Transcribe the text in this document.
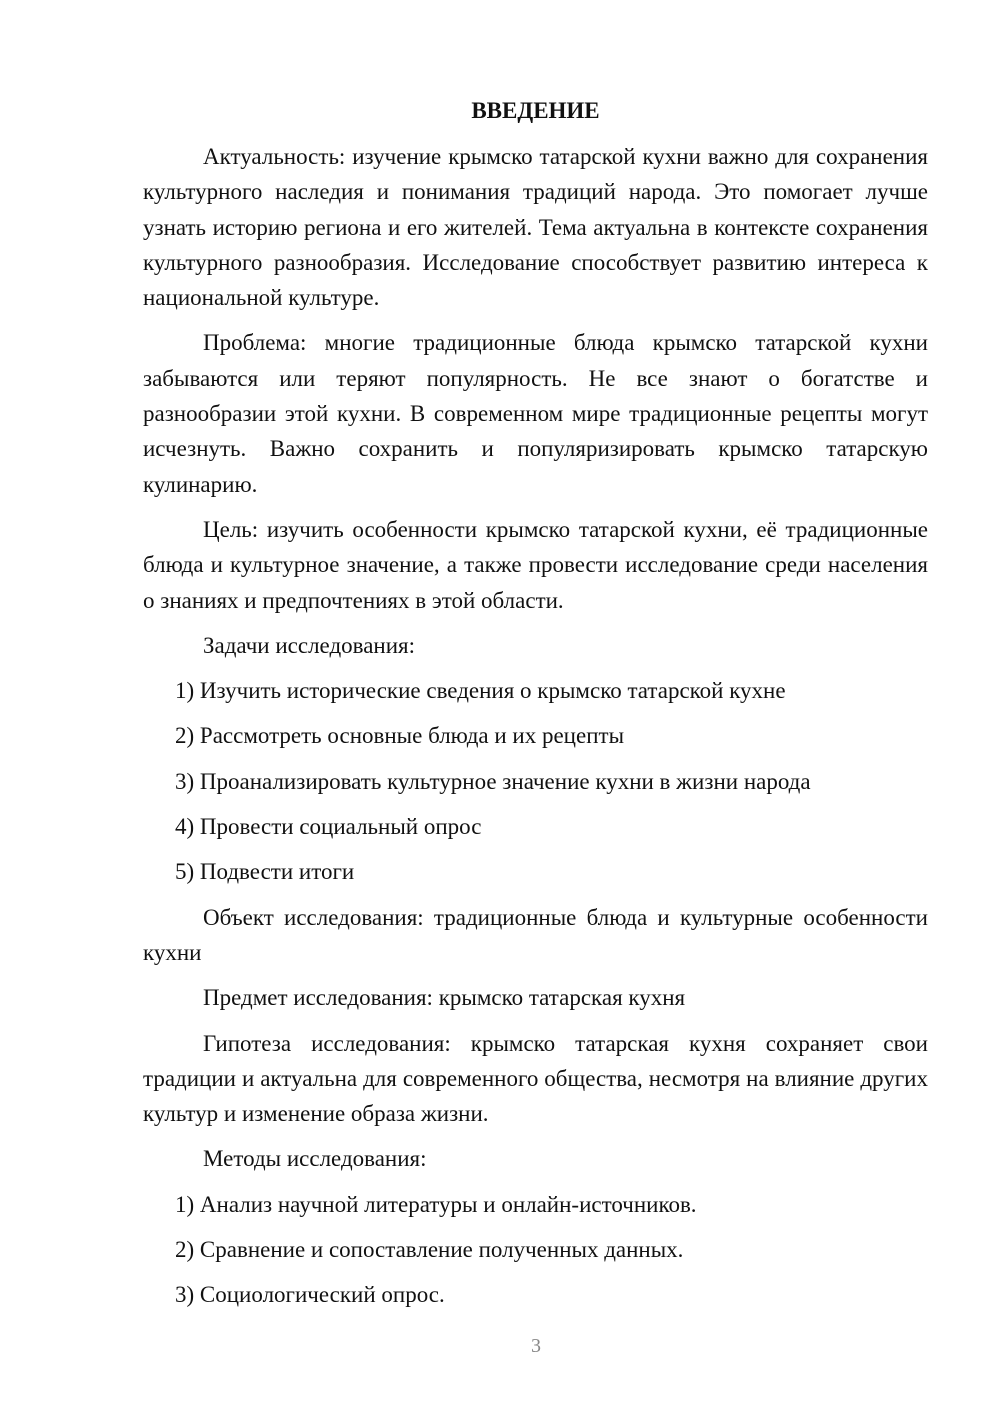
ВВЕДЕНИЕ

Актуальность: изучение крымско татарской кухни важно для сохранения культурного наследия и понимания традиций народа. Это помогает лучше узнать историю региона и его жителей. Тема актуальна в контексте сохранения культурного разнообразия. Исследование способствует развитию интереса к национальной культуре.

Проблема: многие традиционные блюда крымско татарской кухни забываются или теряют популярность. Не все знают о богатстве и разнообразии этой кухни. В современном мире традиционные рецепты могут исчезнуть. Важно сохранить и популяризировать крымско татарскую кулинарию.

Цель: изучить особенности крымско татарской кухни, её традиционные блюда и культурное значение, а также провести исследование среди населения о знаниях и предпочтениях в этой области.

Задачи исследования:

1) Изучить исторические сведения о крымско татарской кухне

2) Рассмотреть основные блюда и их рецепты

3) Проанализировать культурное значение кухни в жизни народа

4) Провести социальный опрос

5) Подвести итоги

Объект исследования: традиционные блюда и культурные особенности кухни

Предмет исследования: крымско татарская кухня

Гипотеза исследования: крымско татарская кухня сохраняет свои традиции и актуальна для современного общества, несмотря на влияние других культур и изменение образа жизни.

Методы исследования:

1) Анализ научной литературы и онлайн-источников.

2) Сравнение и сопоставление полученных данных.

3) Социологический опрос.

3
